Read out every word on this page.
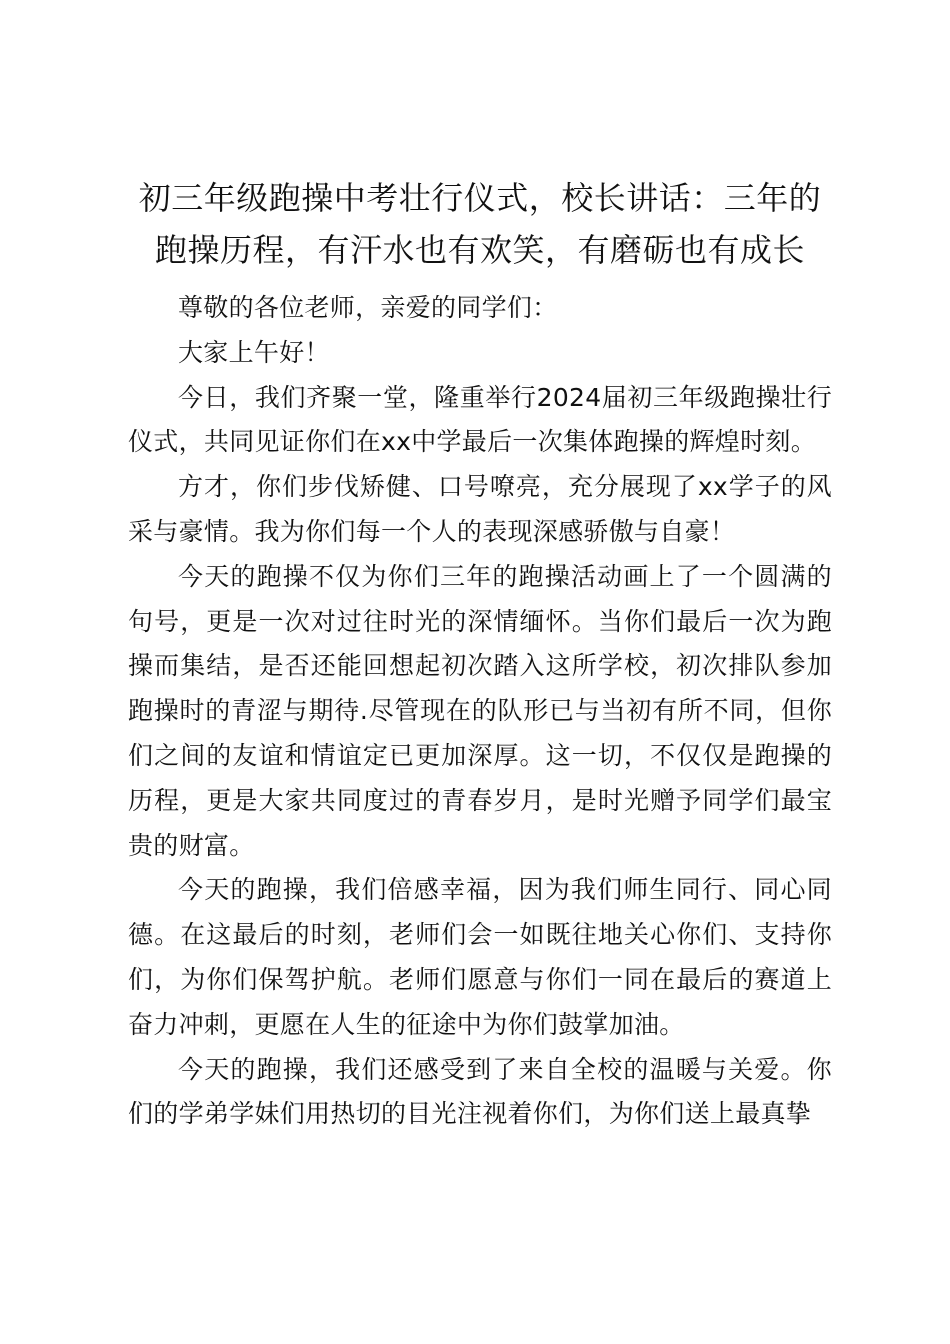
初三年级跑操中考壮行仪式，校长讲话：三年的跑操历程，有汗水也有欢笑，有磨砺也有成长

尊敬的各位老师，亲爱的同学们：

大家上午好！

今日，我们齐聚一堂，隆重举行2024届初三年级跑操壮行仪式，共同见证你们在xx中学最后一次集体跑操的辉煌时刻。

方才，你们步伐矫健、口号嘹亮，充分展现了xx学子的风采与豪情。我为你们每一个人的表现深感骄傲与自豪！

今天的跑操不仅为你们三年的跑操活动画上了一个圆满的句号，更是一次对过往时光的深情缅怀。当你们最后一次为跑操而集结，是否还能回想起初次踏入这所学校，初次排队参加跑操时的青涩与期待.尽管现在的队形已与当初有所不同，但你们之间的友谊和情谊定已更加深厚。这一切，不仅仅是跑操的历程，更是大家共同度过的青春岁月，是时光赠予同学们最宝贵的财富。

今天的跑操，我们倍感幸福，因为我们师生同行、同心同德。在这最后的时刻，老师们会一如既往地关心你们、支持你们，为你们保驾护航。老师们愿意与你们一同在最后的赛道上奋力冲刺，更愿在人生的征途中为你们鼓掌加油。

今天的跑操，我们还感受到了来自全校的温暖与关爱。你们的学弟学妹们用热切的目光注视着你们，为你们送上最真挚
